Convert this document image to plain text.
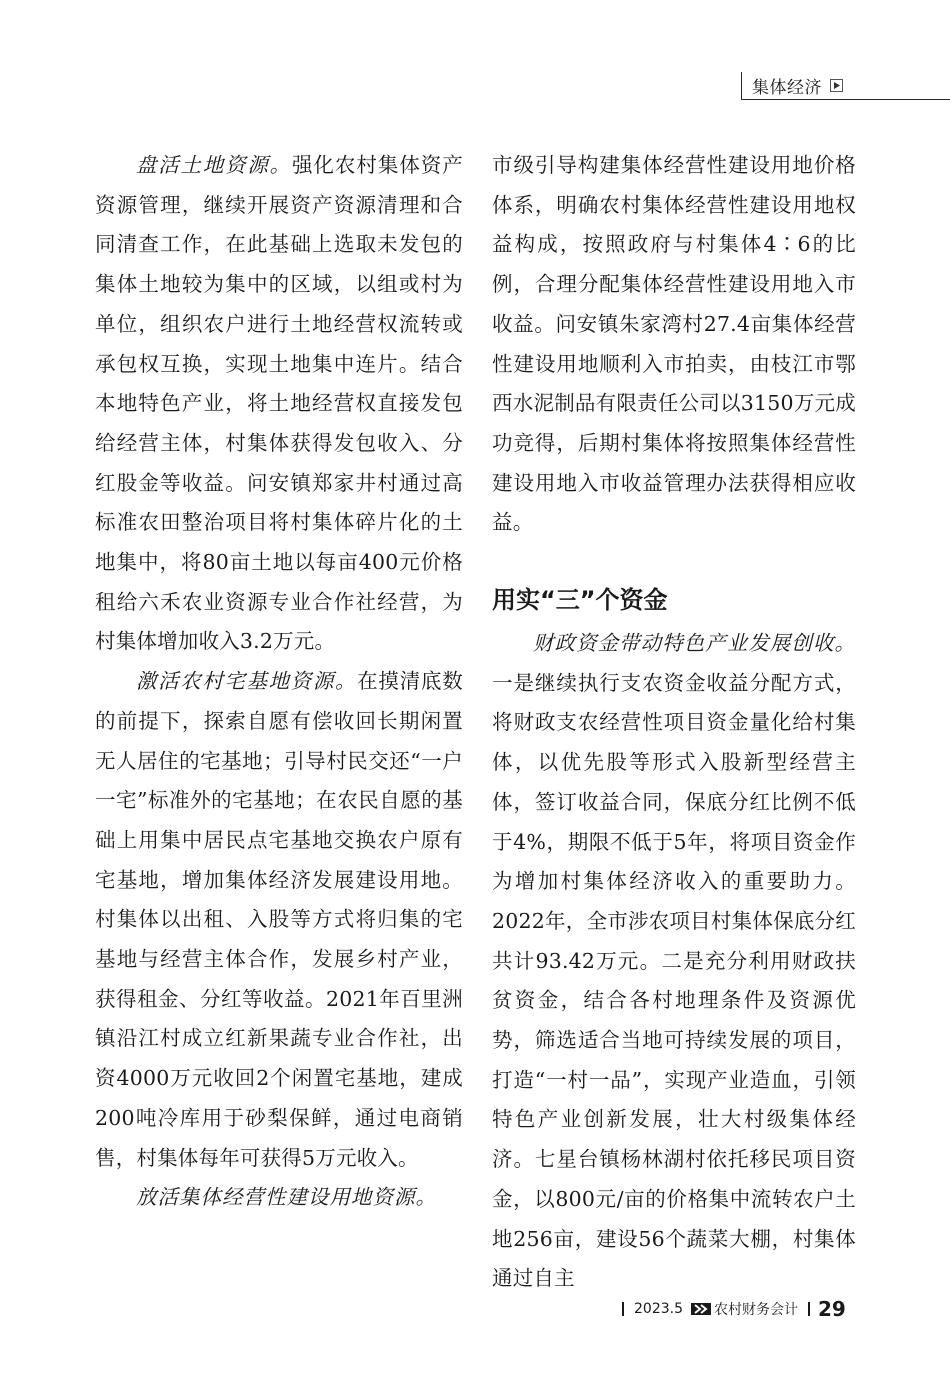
集体经济

盘活土地资源。强化农村集体资产资源管理，继续开展资产资源清理和合同清查工作，在此基础上选取未发包的集体土地较为集中的区域，以组或村为单位，组织农户进行土地经营权流转或承包权互换，实现土地集中连片。结合本地特色产业，将土地经营权直接发包给经营主体，村集体获得发包收入、分红股金等收益。问安镇郑家井村通过高标准农田整治项目将村集体碎片化的土地集中，将80亩土地以每亩400元价格租给六禾农业资源专业合作社经营，为村集体增加收入3.2万元。

激活农村宅基地资源。在摸清底数的前提下，探索自愿有偿收回长期闲置无人居住的宅基地；引导村民交还“一户一宅”标准外的宅基地；在农民自愿的基础上用集中居民点宅基地交换农户原有宅基地，增加集体经济发展建设用地。村集体以出租、入股等方式将归集的宅基地与经营主体合作，发展乡村产业，获得租金、分红等收益。2021年百里洲镇沿江村成立红新果蔬专业合作社，出资4000万元收回2个闲置宅基地，建成200吨冷库用于砂梨保鲜，通过电商销售，村集体每年可获得5万元收入。

放活集体经营性建设用地资源。

市级引导构建集体经营性建设用地价格体系，明确农村集体经营性建设用地权益构成，按照政府与村集体4∶6的比例，合理分配集体经营性建设用地入市收益。问安镇朱家湾村27.4亩集体经营性建设用地顺利入市拍卖，由枝江市鄂西水泥制品有限责任公司以3150万元成功竞得，后期村集体将按照集体经营性建设用地入市收益管理办法获得相应收益。

用实“三”个资金

财政资金带动特色产业发展创收。一是继续执行支农资金收益分配方式，将财政支农经营性项目资金量化给村集体，以优先股等形式入股新型经营主体，签订收益合同，保底分红比例不低于4%，期限不低于5年，将项目资金作为增加村集体经济收入的重要助力。2022年，全市涉农项目村集体保底分红共计93.42万元。二是充分利用财政扶贫资金，结合各村地理条件及资源优势，筛选适合当地可持续发展的项目，打造“一村一品”，实现产业造血，引领特色产业创新发展，壮大村级集体经济。七星台镇杨林湖村依托移民项目资金，以800元/亩的价格集中流转农户土地256亩，建设56个蔬菜大棚，村集体通过自主

2023.5 农村财务会计 29
